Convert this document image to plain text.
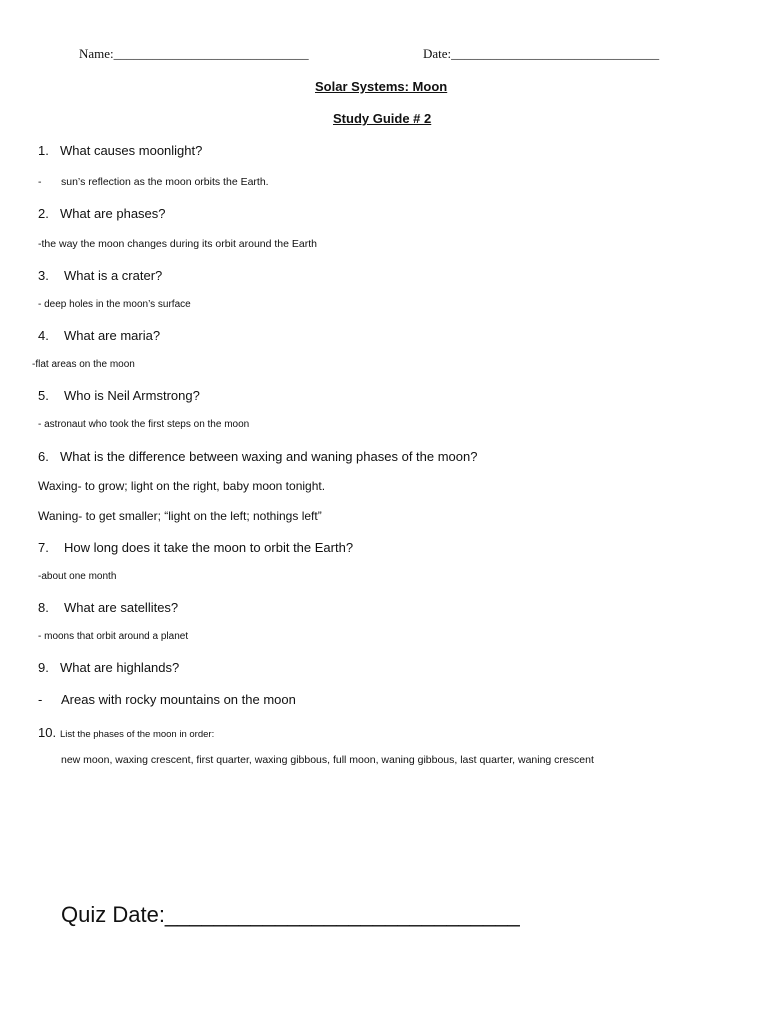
Name:______________________________	Date:________________________________
Solar Systems: Moon
Study Guide # 2
1. What causes moonlight?
- sun’s reflection as the moon orbits the Earth.
2. What are phases?
-the way the moon changes during its orbit around the Earth
3. What is a crater?
- deep holes in the moon’s surface
4. What are maria?
-flat areas on the moon
5. Who is Neil Armstrong?
- astronaut who took the first steps on the moon
6. What is the difference between waxing and waning phases of the moon?
Waxing- to grow; light on the right, baby moon tonight.
Waning- to get smaller; “light on the left; nothings left”
7. How long does it take the moon to orbit the Earth?
-about one month
8. What are satellites?
- moons that orbit around a planet
9. What are highlands?
- Areas with rocky mountains on the moon
10. List the phases of the moon in order:
new moon, waxing crescent, first quarter, waxing gibbous, full moon, waning gibbous, last quarter, waning crescent
Quiz Date:_____________________________
